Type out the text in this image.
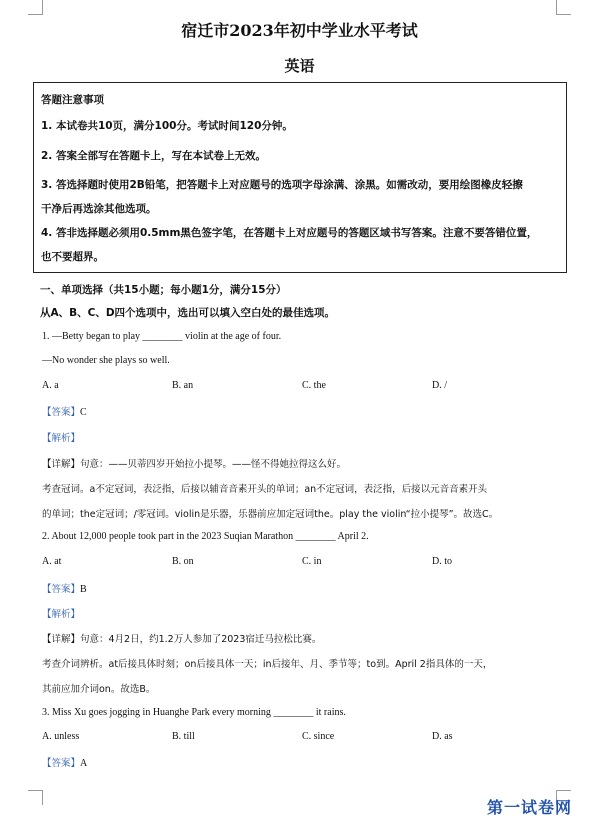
宿迁市2023年初中学业水平考试
英语
答题注意事项
1. 本试卷共10页，满分100分。考试时间120分钟。
2. 答案全部写在答题卡上，写在本试卷上无效。
3. 答选择题时使用2B铅笔，把答题卡上对应题号的选项字母涂满、涂黑。如需改动，要用绘图橡皮轻擦
干净后再选涂其他选项。
4. 答非选择题必须用0.5mm黑色签字笔，在答题卡上对应题号的答题区域书写答案。注意不要答错位置，
也不要超界。
一、单项选择（共15小题；每小题1分，满分15分）
从A、B、C、D四个选项中，选出可以填入空白处的最佳选项。
1. —Betty began to play ________ violin at the age of four.
—No wonder she plays so well.
A. a	B. an	C. the	D. /
【答案】C
【解析】
【详解】句意：——贝蒂四岁开始拉小提琴。——怪不得她拉得这么好。
考查冠词。a不定冠词，表泛指，后接以辅音音素开头的单词；an不定冠词，表泛指，后接以元音音素开头
的单词；the定冠词；/零冠词。violin是乐器，乐器前应加定冠词the。play the violin“拉小提琴”。故选C。
2. About 12,000 people took part in the 2023 Suqian Marathon ________ April 2.
A. at	B. on	C. in	D. to
【答案】B
【解析】
【详解】句意：4月2日，约1.2万人参加了2023宿迁马拉松比赛。
考查介词辨析。at后接具体时刻；on后接具体一天；in后接年、月、季节等；to到。April 2指具体的一天，
其前应加介词on。故选B。
3. Miss Xu goes jogging in Huanghe Park every morning ________ it rains.
A. unless	B. till	C. since	D. as
【答案】A
第一试卷网
